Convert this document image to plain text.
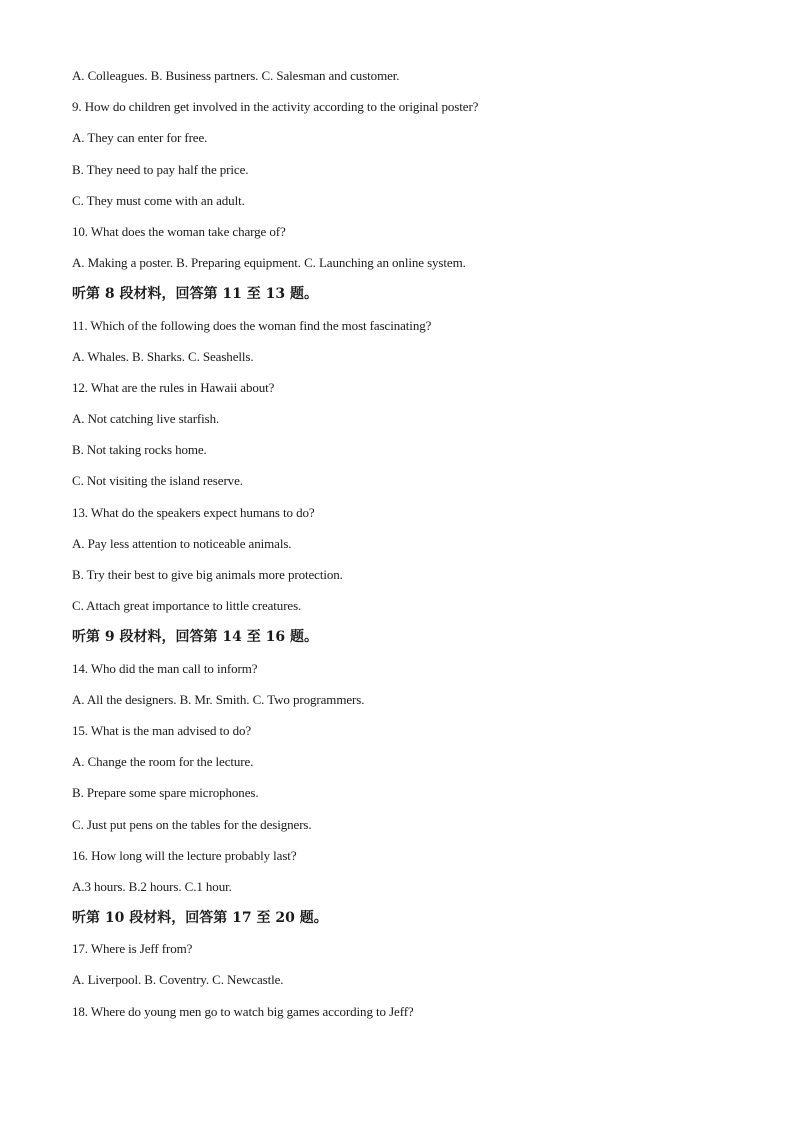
A. Colleagues. B. Business partners. C. Salesman and customer.
9. How do children get involved in the activity according to the original poster?
A. They can enter for free.
B. They need to pay half the price.
C. They must come with an adult.
10. What does the woman take charge of?
A. Making a poster. B. Preparing equipment. C. Launching an online system.
听第 8 段材料，回答第 11 至 13 题。
11. Which of the following does the woman find the most fascinating?
A. Whales. B. Sharks. C. Seashells.
12. What are the rules in Hawaii about?
A. Not catching live starfish.
B. Not taking rocks home.
C. Not visiting the island reserve.
13. What do the speakers expect humans to do?
A. Pay less attention to noticeable animals.
B. Try their best to give big animals more protection.
C. Attach great importance to little creatures.
听第 9 段材料，回答第 14 至 16 题。
14. Who did the man call to inform?
A. All the designers. B. Mr. Smith. C. Two programmers.
15. What is the man advised to do?
A. Change the room for the lecture.
B. Prepare some spare microphones.
C. Just put pens on the tables for the designers.
16. How long will the lecture probably last?
A.3 hours. B.2 hours. C.1 hour.
听第 10 段材料，回答第 17 至 20 题。
17. Where is Jeff from?
A. Liverpool. B. Coventry. C. Newcastle.
18. Where do young men go to watch big games according to Jeff?
